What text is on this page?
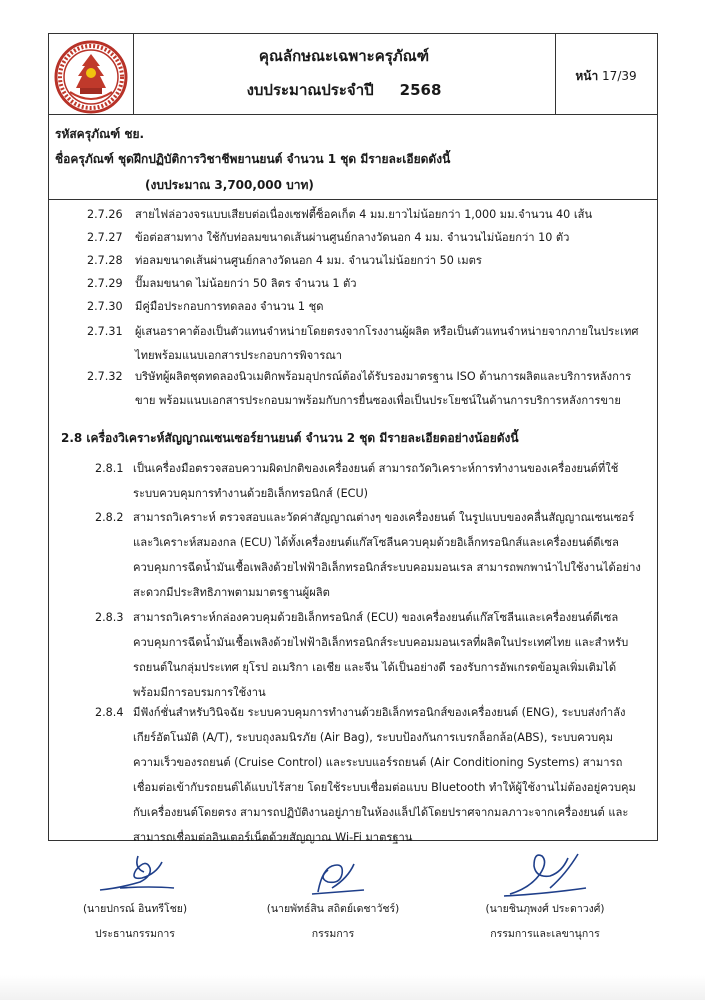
คุณลักษณะเฉพาะครุภัณฑ์
งบประมาณประจำปี 2568
หน้า 17/39
รหัสครุภัณฑ์ ชย.
ชื่อครุภัณฑ์ ชุดฝึกปฏิบัติการวิชาชีพยานยนต์ จำนวน 1 ชุด มีรายละเอียดดังนี้
(งบประมาณ 3,700,000 บาท)
2.7.26 สายไฟล่อวงจรแบบเสียบต่อเนื่องเซฟตี้ซ็อคเก็ต 4 มม.ยาวไม่น้อยกว่า 1,000 มม.จำนวน 40 เส้น
2.7.27 ข้อต่อสามทาง ใช้กับท่อลมขนาดเส้นผ่านศูนย์กลางวัดนอก 4 มม. จำนวนไม่น้อยกว่า 10 ตัว
2.7.28 ท่อลมขนาดเส้นผ่านศูนย์กลางวัดนอก 4 มม. จำนวนไม่น้อยกว่า 50 เมตร
2.7.29 ปั๊มลมขนาด ไม่น้อยกว่า 50 ลิตร จำนวน 1 ตัว
2.7.30 มีคู่มือประกอบการทดลอง จำนวน 1 ชุด
2.7.31 ผู้เสนอราคาต้องเป็นตัวแทนจำหน่ายโดยตรงจากโรงงานผู้ผลิต หรือเป็นตัวแทนจำหน่ายจากภายในประเทศ
ไทยพร้อมแนบเอกสารประกอบการพิจารณา
2.7.32 บริษัทผู้ผลิตชุดทดลองนิวเมติกพร้อมอุปกรณ์ต้องได้รับรองมาตรฐาน ISO ด้านการผลิตและบริการหลังการ
ขาย พร้อมแนบเอกสารประกอบมาพร้อมกับการยื่นซองเพื่อเป็นประโยชน์ในด้านการบริการหลังการขาย
2.8 เครื่องวิเคราะห์สัญญาณเซนเซอร์ยานยนต์ จำนวน 2 ชุด มีรายละเอียดอย่างน้อยดังนี้
2.8.1 เป็นเครื่องมือตรวจสอบความผิดปกติของเครื่องยนต์ สามารถวัดวิเคราะห์การทำงานของเครื่องยนต์ที่ใช้
ระบบควบคุมการทำงานด้วยอิเล็กทรอนิกส์ (ECU)
2.8.2 สามารถวิเคราะห์ ตรวจสอบและวัดค่าสัญญาณต่างๆ ของเครื่องยนต์ ในรูปแบบของคลื่นสัญญาณเซนเซอร์
และวิเคราะห์สมองกล (ECU) ได้ทั้งเครื่องยนต์แก๊สโซลีนควบคุมด้วยอิเล็กทรอนิกส์และเครื่องยนต์ดีเซล
ควบคุมการฉีดน้ำมันเชื้อเพลิงด้วยไฟฟ้าอิเล็กทรอนิกส์ระบบคอมมอนเรล สามารถพกพานำไปใช้งานได้อย่าง
สะดวกมีประสิทธิภาพตามมาตรฐานผู้ผลิต
2.8.3 สามารถวิเคราะห์กล่องควบคุมด้วยอิเล็กทรอนิกส์ (ECU) ของเครื่องยนต์แก๊สโซลีนและเครื่องยนต์ดีเซล
ควบคุมการฉีดน้ำมันเชื้อเพลิงด้วยไฟฟ้าอิเล็กทรอนิกส์ระบบคอมมอนเรลที่ผลิตในประเทศไทย และสำหรับ
รถยนต์ในกลุ่มประเทศ ยุโรป อเมริกา เอเชีย และจีน ได้เป็นอย่างดี รองรับการอัพเกรดข้อมูลเพิ่มเติมได้
พร้อมมีการอบรมการใช้งาน
2.8.4 มีฟังก์ชั่นสำหรับวินิจฉัย ระบบควบคุมการทำงานด้วยอิเล็กทรอนิกส์ของเครื่องยนต์ (ENG), ระบบส่งกำลัง
เกียร์อัตโนมัติ (A/T), ระบบถุงลมนิรภัย (Air Bag), ระบบป้องกันการเบรกล็อกล้อ(ABS), ระบบควบคุม
ความเร็วของรถยนต์ (Cruise Control) และระบบแอร์รถยนต์ (Air Conditioning Systems) สามารถ
เชื่อมต่อเข้ากับรถยนต์ได้แบบไร้สาย โดยใช้ระบบเชื่อมต่อแบบ Bluetooth ทำให้ผู้ใช้งานไม่ต้องอยู่ควบคุม
กับเครื่องยนต์โดยตรง สามารถปฏิบัติงานอยู่ภายในห้องแล็ปได้โดยปราศจากมลภาวะจากเครื่องยนต์ และ
สามารถเชื่อมต่ออินเตอร์เน็ตด้วยสัญญาณ Wi-Fi มาตรฐาน
(นายปกรณ์ อินทรีโชย)
ประธานกรรมการ
(นายพัทธ์สิน สถิตย์เดชาวัชร์)
กรรมการ
(นายชินภุพงศ์ ประดาวงศ์)
กรรมการและเลขานุการ
